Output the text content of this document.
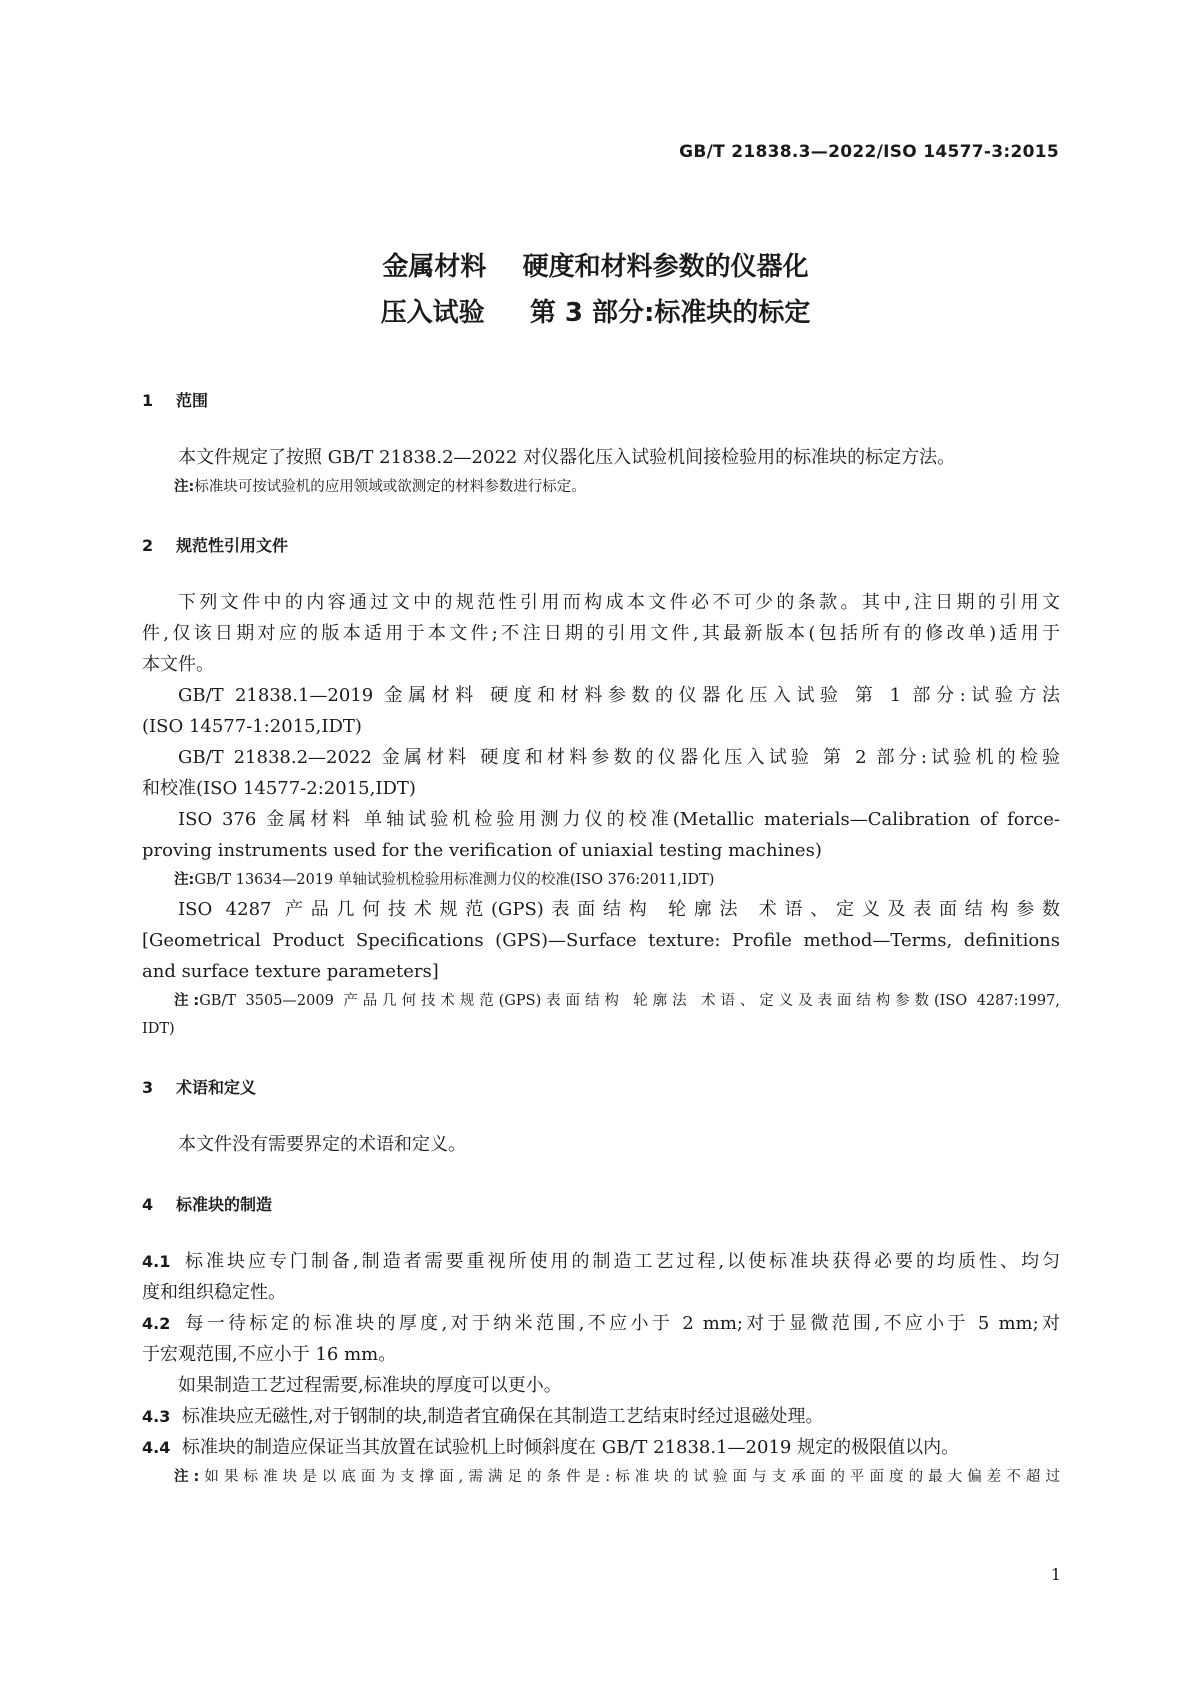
GB/T 21838.3—2022/ISO 14577-3:2015
金属材料    硬度和材料参数的仪器化
压入试验     第 3 部分:标准块的标定
1 范围

本文件规定了按照 GB/T 21838.2—2022 对仪器化压入试验机间接检验用的标准块的标定方法。

注:标准块可按试验机的应用领域或欲测定的材料参数进行标定。

2 规范性引用文件

下列文件中的内容通过文中的规范性引用而构成本文件必不可少的条款。其中,注日期的引用文

件,仅该日期对应的版本适用于本文件;不注日期的引用文件,其最新版本(包括所有的修改单)适用于

本文件。

GB/T 21838.1—2019 金属材料 硬度和材料参数的仪器化压入试验 第 1 部分:试验方法

(ISO 14577-1:2015,IDT)

GB/T 21838.2—2022 金属材料 硬度和材料参数的仪器化压入试验 第 2 部分:试验机的检验

和校准(ISO 14577-2:2015,IDT)

ISO 376 金属材料 单轴试验机检验用测力仪的校准(Metallic materials—Calibration of force-

proving instruments used for the verification of uniaxial testing machines)

注:GB/T 13634—2019 单轴试验机检验用标准测力仪的校准(ISO 376:2011,IDT)

ISO 4287 产品几何技术规范(GPS)表面结构 轮廓法 术语、定义及表面结构参数

[Geometrical Product Specifications (GPS)—Surface texture: Profile method—Terms, definitions

and surface texture parameters]

注:GB/T 3505—2009 产品几何技术规范(GPS)表面结构 轮廓法 术语、定义及表面结构参数(ISO 4287:1997,

IDT)

3 术语和定义

本文件没有需要界定的术语和定义。

4 标准块的制造

4.1 标准块应专门制备,制造者需要重视所使用的制造工艺过程,以使标准块获得必要的均质性、均匀

度和组织稳定性。

4.2 每一待标定的标准块的厚度,对于纳米范围,不应小于 2 mm;对于显微范围,不应小于 5 mm;对

于宏观范围,不应小于 16 mm。

如果制造工艺过程需要,标准块的厚度可以更小。

4.3 标准块应无磁性,对于钢制的块,制造者宜确保在其制造工艺结束时经过退磁处理。

4.4 标准块的制造应保证当其放置在试验机上时倾斜度在 GB/T 21838.1—2019 规定的极限值以内。

注:如果标准块是以底面为支撑面,需满足的条件是:标准块的试验面与支承面的平面度的最大偏差不超过

1
